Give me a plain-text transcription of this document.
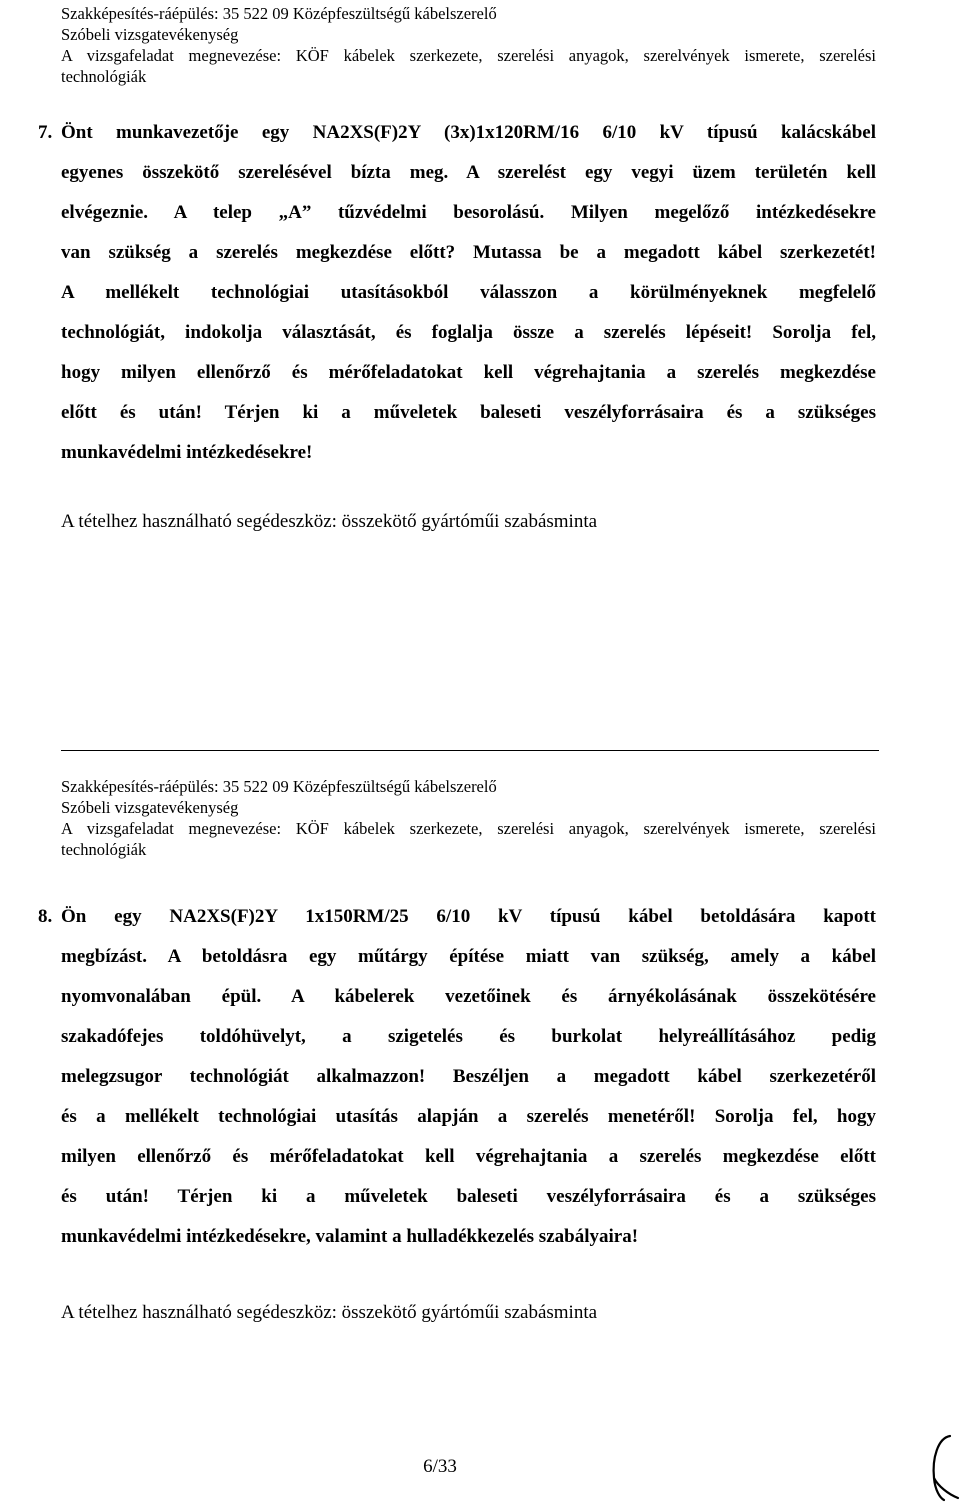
Szakképesítés-ráépülés: 35 522 09 Középfeszültségű kábelszerelő
Szóbeli vizsgatevékenység
A vizsgafeladat megnevezése: KÖF kábelek szerkezete, szerelési anyagok, szerelvények ismerete, szerelési
technológiák
7. Önt munkavezetője egy NA2XS(F)2Y (3x)1x120RM/16 6/10 kV típusú kalácskábel
egyenes összekötő szerelésével bízta meg. A szerelést egy vegyi üzem területén kell
elvégeznie. A telep „A” tűzvédelmi besorolású. Milyen megelőző intézkedésekre
van szükség a szerelés megkezdése előtt? Mutassa be a megadott kábel szerkezetét!
A mellékelt technológiai utasításokból válasszon a körülményeknek megfelelő
technológiát, indokolja választását, és foglalja össze a szerelés lépéseit! Sorolja fel,
hogy milyen ellenőrző és mérőfeladatokat kell végrehajtania a szerelés megkezdése
előtt és után! Térjen ki a műveletek baleseti veszélyforrásaira és a szükséges
munkavédelmi intézkedésekre!
A tételhez használható segédeszköz: összekötő gyártóműi szabásminta
Szakképesítés-ráépülés: 35 522 09 Középfeszültségű kábelszerelő
Szóbeli vizsgatevékenység
A vizsgafeladat megnevezése: KÖF kábelek szerkezete, szerelési anyagok, szerelvények ismerete, szerelési
technológiák
8. Ön egy NA2XS(F)2Y 1x150RM/25 6/10 kV típusú kábel betoldására kapott
megbízást. A betoldásra egy műtárgy építése miatt van szükség, amely a kábel
nyomvonalában épül. A kábelerek vezetőinek és árnyékolásának összekötésére
szakadófejes toldóhüvelyt, a szigetelés és burkolat helyreállításához pedig
melegzsugor technológiát alkalmazzon! Beszéljen a megadott kábel szerkezetéről
és a mellékelt technológiai utasítás alapján a szerelés menetéről! Sorolja fel, hogy
milyen ellenőrző és mérőfeladatokat kell végrehajtania a szerelés megkezdése előtt
és után! Térjen ki a műveletek baleseti veszélyforrásaira és a szükséges
munkavédelmi intézkedésekre, valamint a hulladékkezelés szabályaira!
A tételhez használható segédeszköz: összekötő gyártóműi szabásminta
6/33
